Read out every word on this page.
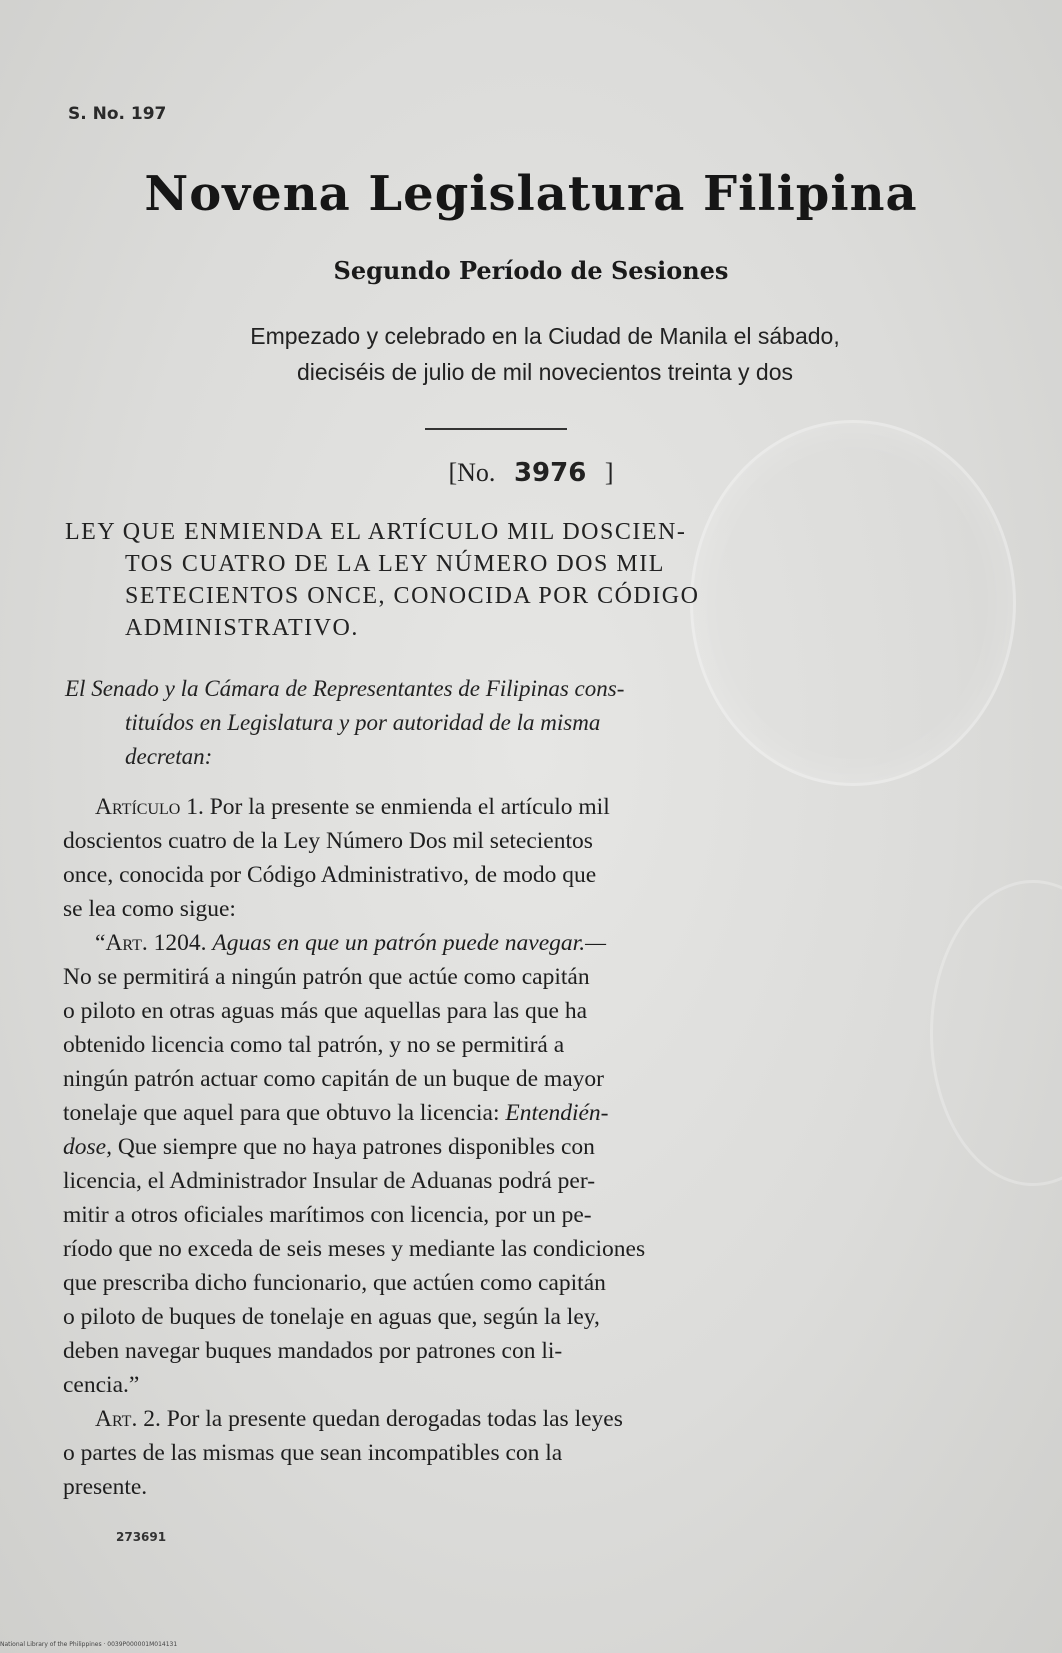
S. No. 197
Novena Legislatura Filipina
Segundo Período de Sesiones
Empezado y celebrado en la Ciudad de Manila el sábado,
dieciséis de julio de mil novecientos treinta y dos
[No. 3976 ]
LEY QUE ENMIENDA EL ARTÍCULO MIL DOSCIEN-
TOS CUATRO DE LA LEY NÚMERO DOS MIL
SETECIENTOS ONCE, CONOCIDA POR CÓDIGO
ADMINISTRATIVO.
El Senado y la Cámara de Representantes de Filipinas cons-
tituídos en Legislatura y por autoridad de la misma
decretan:
Artículo 1. Por la presente se enmienda el artículo mil
doscientos cuatro de la Ley Número Dos mil setecientos
once, conocida por Código Administrativo, de modo que
se lea como sigue:
“Art. 1204. Aguas en que un patrón puede navegar.—
No se permitirá a ningún patrón que actúe como capitán
o piloto en otras aguas más que aquellas para las que ha
obtenido licencia como tal patrón, y no se permitirá a
ningún patrón actuar como capitán de un buque de mayor
tonelaje que aquel para que obtuvo la licencia: Entendién-
dose, Que siempre que no haya patrones disponibles con
licencia, el Administrador Insular de Aduanas podrá per-
mitir a otros oficiales marítimos con licencia, por un pe-
ríodo que no exceda de seis meses y mediante las condiciones
que prescriba dicho funcionario, que actúen como capitán
o piloto de buques de tonelaje en aguas que, según la ley,
deben navegar buques mandados por patrones con li-
cencia.”
Art. 2. Por la presente quedan derogadas todas las leyes
o partes de las mismas que sean incompatibles con la
presente.
273691
National Library of the Philippines · 0039P000001M014131
